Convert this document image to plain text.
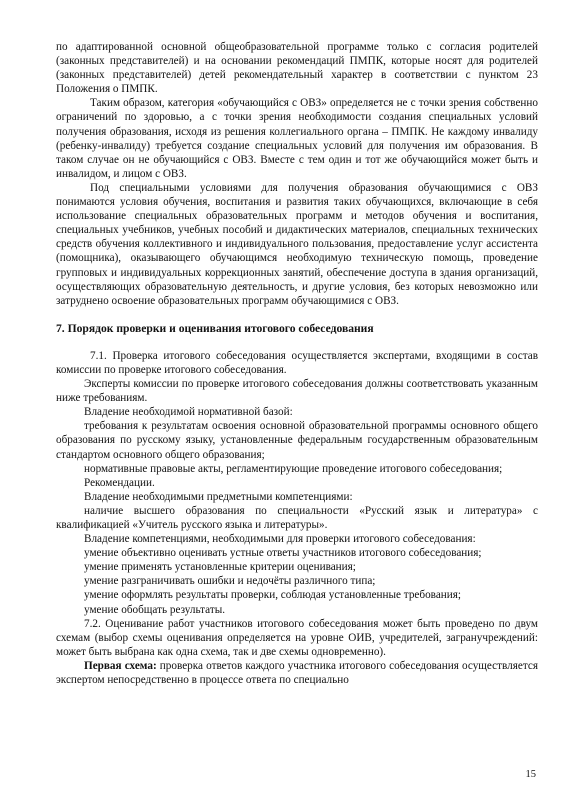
по адаптированной основной общеобразовательной программе только с согласия родителей (законных представителей) и на основании рекомендаций ПМПК, которые носят для родителей (законных представителей) детей рекомендательный характер в соответствии с пунктом 23 Положения о ПМПК.

Таким образом, категория «обучающийся с ОВЗ» определяется не с точки зрения собственно ограничений по здоровью, а с точки зрения необходимости создания специальных условий получения образования, исходя из решения коллегиального органа – ПМПК. Не каждому инвалиду (ребенку-инвалиду) требуется создание специальных условий для получения им образования. В таком случае он не обучающийся с ОВЗ. Вместе с тем один и тот же обучающийся может быть и инвалидом, и лицом с ОВЗ.

Под специальными условиями для получения образования обучающимися с ОВЗ понимаются условия обучения, воспитания и развития таких обучающихся, включающие в себя использование специальных образовательных программ и методов обучения и воспитания, специальных учебников, учебных пособий и дидактических материалов, специальных технических средств обучения коллективного и индивидуального пользования, предоставление услуг ассистента (помощника), оказывающего обучающимся необходимую техническую помощь, проведение групповых и индивидуальных коррекционных занятий, обеспечение доступа в здания организаций, осуществляющих образовательную деятельность, и другие условия, без которых невозможно или затруднено освоение образовательных программ обучающимися с ОВЗ.

7. Порядок проверки и оценивания итогового собеседования

7.1. Проверка итогового собеседования осуществляется экспертами, входящими в состав комиссии по проверке итогового собеседования.

Эксперты комиссии по проверке итогового собеседования должны соответствовать указанным ниже требованиям.

Владение необходимой нормативной базой:

требования к результатам освоения основной образовательной программы основного общего образования по русскому языку, установленные федеральным государственным образовательным стандартом основного общего образования;

нормативные правовые акты, регламентирующие проведение итогового собеседования;

Рекомендации.

Владение необходимыми предметными компетенциями:

наличие высшего образования по специальности «Русский язык и литература» с квалификацией «Учитель русского языка и литературы».

Владение компетенциями, необходимыми для проверки итогового собеседования:

умение объективно оценивать устные ответы участников итогового собеседования;

умение применять установленные критерии оценивания;

умение разграничивать ошибки и недочёты различного типа;

умение оформлять результаты проверки, соблюдая установленные требования;

умение обобщать результаты.

7.2. Оценивание работ участников итогового собеседования может быть проведено по двум схемам (выбор схемы оценивания определяется на уровне ОИВ, учредителей, загранучреждений: может быть выбрана как одна схема, так и две схемы одновременно).

Первая схема: проверка ответов каждого участника итогового собеседования осуществляется экспертом непосредственно в процессе ответа по специально

15
